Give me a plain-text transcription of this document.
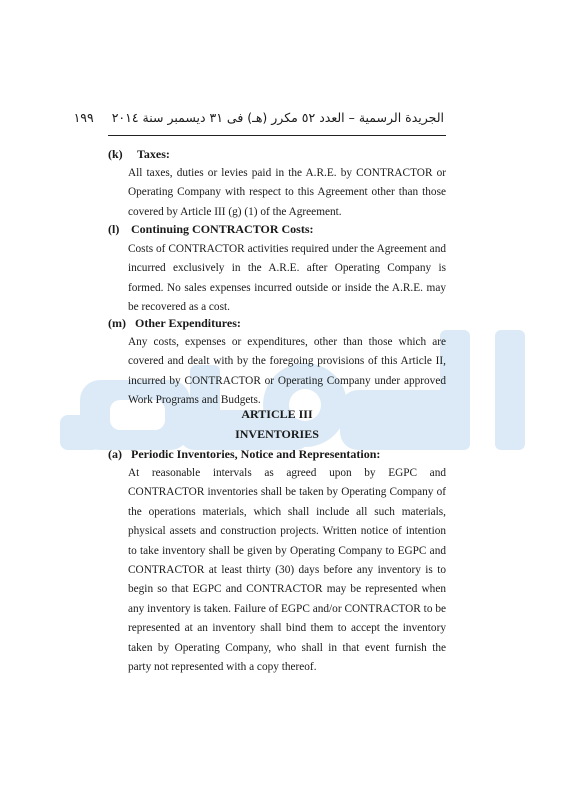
الجريدة الرسمية – العدد ٥٢ مكرر (هـ) فى ٣١ ديسمبر سنة ٢٠١٤  ١٩٩
(k) Taxes:
All taxes, duties or levies paid in the A.R.E. by CONTRACTOR or Operating Company with respect to this Agreement other than those covered by Article III (g) (1) of the Agreement.
(l) Continuing CONTRACTOR Costs:
Costs of CONTRACTOR activities required under the Agreement and incurred exclusively in the A.R.E. after Operating Company is formed. No sales expenses incurred outside or inside the A.R.E. may be recovered as a cost.
(m) Other Expenditures:
Any costs, expenses or expenditures, other than those which are covered and dealt with by the foregoing provisions of this Article II, incurred by CONTRACTOR or Operating Company under approved Work Programs and Budgets.
ARTICLE III
INVENTORIES
(a) Periodic Inventories, Notice and Representation:
At reasonable intervals as agreed upon by EGPC and CONTRACTOR inventories shall be taken by Operating Company of the operations materials, which shall include all such materials, physical assets and construction projects. Written notice of intention to take inventory shall be given by Operating Company to EGPC and CONTRACTOR at least thirty (30) days before any inventory is to begin so that EGPC and CONTRACTOR may be represented when any inventory is taken. Failure of EGPC and/or CONTRACTOR to be represented at an inventory shall bind them to accept the inventory taken by Operating Company, who shall in that event furnish the party not represented with a copy thereof.
